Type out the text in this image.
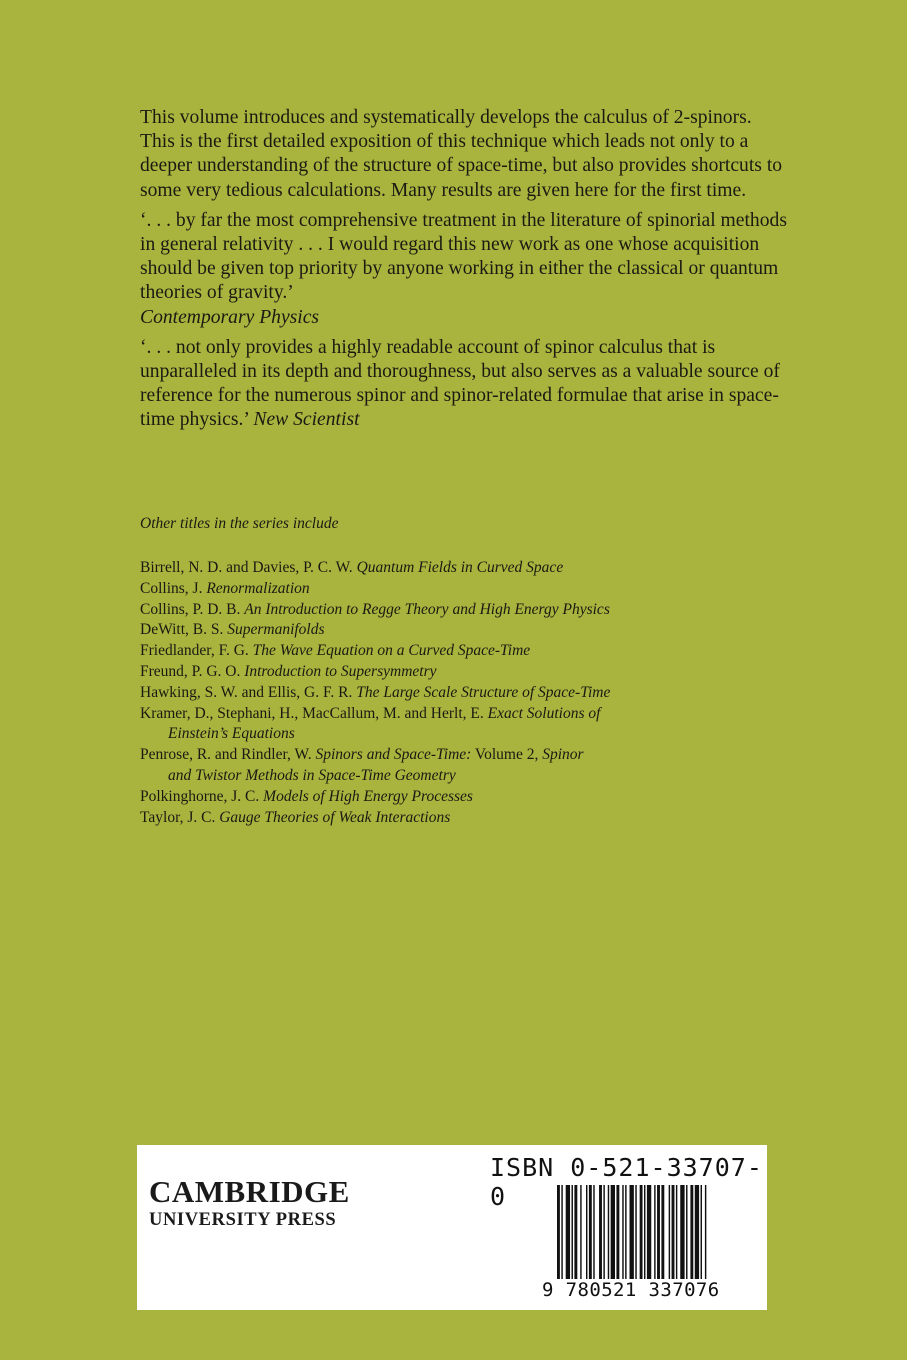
This volume introduces and systematically develops the calculus of 2-spinors. This is the first detailed exposition of this technique which leads not only to a deeper understanding of the structure of space-time, but also provides shortcuts to some very tedious calculations. Many results are given here for the first time.

‘. . . by far the most comprehensive treatment in the literature of spinorial methods in general relativity . . . I would regard this new work as one whose acquisition should be given top priority by anyone working in either the classical or quantum theories of gravity.’
Contemporary Physics

‘. . . not only provides a highly readable account of spinor calculus that is unparalleled in its depth and thoroughness, but also serves as a valuable source of reference for the numerous spinor and spinor-related formulae that arise in space-time physics.’ New Scientist

Other titles in the series include
Birrell, N. D. and Davies, P. C. W. Quantum Fields in Curved Space
Collins, J. Renormalization
Collins, P. D. B. An Introduction to Regge Theory and High Energy Physics
DeWitt, B. S. Supermanifolds
Friedlander, F. G. The Wave Equation on a Curved Space-Time
Freund, P. G. O. Introduction to Supersymmetry
Hawking, S. W. and Ellis, G. F. R. The Large Scale Structure of Space-Time
Kramer, D., Stephani, H., MacCallum, M. and Herlt, E. Exact Solutions of
Einstein’s Equations
Penrose, R. and Rindler, W. Spinors and Space-Time: Volume 2, Spinor
and Twistor Methods in Space-Time Geometry
Polkinghorne, J. C. Models of High Energy Processes
Taylor, J. C. Gauge Theories of Weak Interactions
CAMBRIDGE
UNIVERSITY PRESS
ISBN 0-521-33707-0
9 780521 337076
